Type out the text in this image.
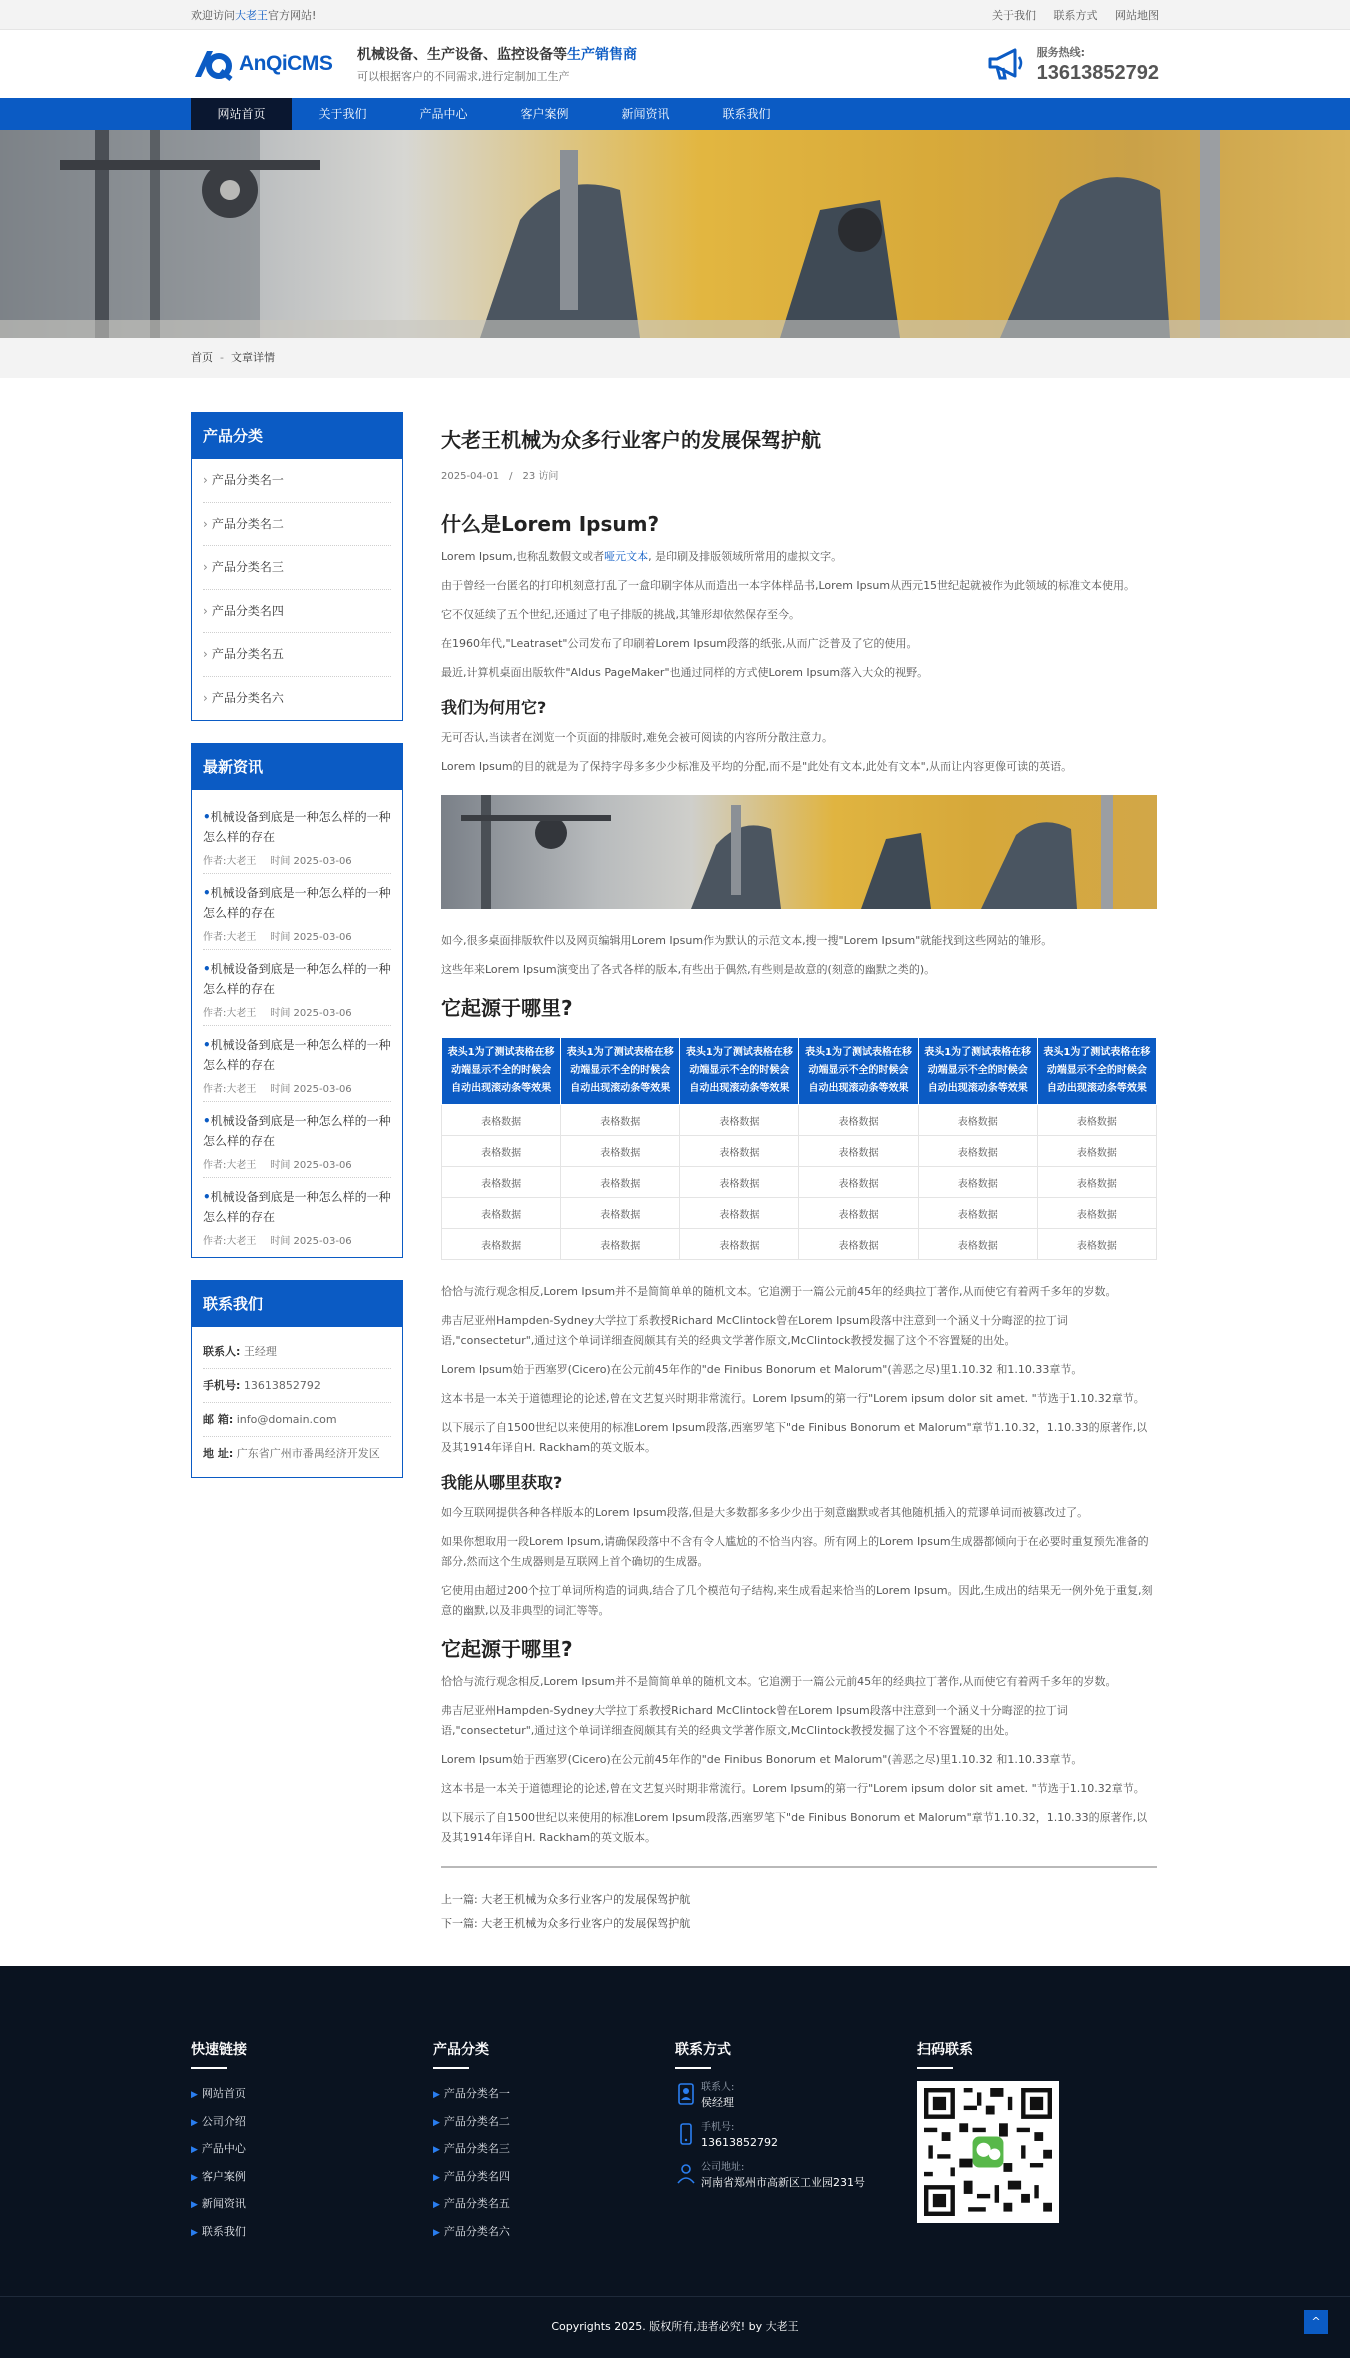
欢迎访问大老王官方网站!	关于我们 联系方式 网站地图
AnQiCMS 机械设备、生产设备、监控设备等生产销售商
可以根据客户的不同需求,进行定制加工生产
服务热线:
13613852792
网站首页	关于我们	产品中心	客户案例	新闻资讯	联系我们
首页 - 文章详情
产品分类
› 产品分类名一
› 产品分类名二
› 产品分类名三
› 产品分类名四
› 产品分类名五
› 产品分类名六
最新资讯
•机械设备到底是一种怎么样的一种怎么样的存在
作者:大老王 时间 2025-03-06
•机械设备到底是一种怎么样的一种怎么样的存在
作者:大老王 时间 2025-03-06
•机械设备到底是一种怎么样的一种怎么样的存在
作者:大老王 时间 2025-03-06
•机械设备到底是一种怎么样的一种怎么样的存在
作者:大老王 时间 2025-03-06
•机械设备到底是一种怎么样的一种怎么样的存在
作者:大老王 时间 2025-03-06
•机械设备到底是一种怎么样的一种怎么样的存在
作者:大老王 时间 2025-03-06
联系我们
联系人: 王经理
手机号: 13613852792
邮 箱: info@domain.com
地 址: 广东省广州市番禺经济开发区
大老王机械为众多行业客户的发展保驾护航
2025-04-01 / 23 访问
什么是Lorem Ipsum?

Lorem Ipsum,也称乱数假文或者哑元文本, 是印刷及排版领域所常用的虚拟文字。

由于曾经一台匿名的打印机刻意打乱了一盒印刷字体从而造出一本字体样品书,Lorem Ipsum从西元15世纪起就被作为此领域的标准文本使用。

它不仅延续了五个世纪,还通过了电子排版的挑战,其雏形却依然保存至今。

在1960年代,"Leatraset"公司发布了印刷着Lorem Ipsum段落的纸张,从而广泛普及了它的使用。

最近,计算机桌面出版软件"Aldus PageMaker"也通过同样的方式使Lorem Ipsum落入大众的视野。

我们为何用它?

无可否认,当读者在浏览一个页面的排版时,难免会被可阅读的内容所分散注意力。

Lorem Ipsum的目的就是为了保持字母多多少少标准及平均的分配,而不是"此处有文本,此处有文本",从而让内容更像可读的英语。

如今,很多桌面排版软件以及网页编辑用Lorem Ipsum作为默认的示范文本,搜一搜"Lorem Ipsum"就能找到这些网站的雏形。

这些年来Lorem Ipsum演变出了各式各样的版本,有些出于偶然,有些则是故意的(刻意的幽默之类的)。

它起源于哪里?
表头1为了测试表格在移动端显示不全的时候会自动出现滚动条等效果	表头1为了测试表格在移动端显示不全的时候会自动出现滚动条等效果	表头1为了测试表格在移动端显示不全的时候会自动出现滚动条等效果	表头1为了测试表格在移动端显示不全的时候会自动出现滚动条等效果	表头1为了测试表格在移动端显示不全的时候会自动出现滚动条等效果	表头1为了测试表格在移动端显示不全的时候会自动出现滚动条等效果
表格数据	表格数据	表格数据	表格数据	表格数据	表格数据
表格数据	表格数据	表格数据	表格数据	表格数据	表格数据
表格数据	表格数据	表格数据	表格数据	表格数据	表格数据
表格数据	表格数据	表格数据	表格数据	表格数据	表格数据
表格数据	表格数据	表格数据	表格数据	表格数据	表格数据

恰恰与流行观念相反,Lorem Ipsum并不是简简单单的随机文本。它追溯于一篇公元前45年的经典拉丁著作,从而使它有着两千多年的岁数。

弗吉尼亚州Hampden-Sydney大学拉丁系教授Richard McClintock曾在Lorem Ipsum段落中注意到一个涵义十分晦涩的拉丁词语,"consectetur",通过这个单词详细查阅颇其有关的经典文学著作原文,McClintock教授发掘了这个不容置疑的出处。

Lorem Ipsum始于西塞罗(Cicero)在公元前45年作的"de Finibus Bonorum et Malorum"(善恶之尽)里1.10.32 和1.10.33章节。

这本书是一本关于道德理论的论述,曾在文艺复兴时期非常流行。Lorem Ipsum的第一行"Lorem ipsum dolor sit amet. "节选于1.10.32章节。

以下展示了自1500世纪以来使用的标准Lorem Ipsum段落,西塞罗笔下"de Finibus Bonorum et Malorum"章节1.10.32，1.10.33的原著作,以及其1914年译自H. Rackham的英文版本。

我能从哪里获取?

如今互联网提供各种各样版本的Lorem Ipsum段落,但是大多数都多多少少出于刻意幽默或者其他随机插入的荒谬单词而被篡改过了。

如果你想取用一段Lorem Ipsum,请确保段落中不含有令人尴尬的不恰当内容。所有网上的Lorem Ipsum生成器都倾向于在必要时重复预先准备的部分,然而这个生成器则是互联网上首个确切的生成器。

它使用由超过200个拉丁单词所构造的词典,结合了几个模范句子结构,来生成看起来恰当的Lorem Ipsum。因此,生成出的结果无一例外免于重复,刻意的幽默,以及非典型的词汇等等。

它起源于哪里?

恰恰与流行观念相反,Lorem Ipsum并不是简简单单的随机文本。它追溯于一篇公元前45年的经典拉丁著作,从而使它有着两千多年的岁数。

弗吉尼亚州Hampden-Sydney大学拉丁系教授Richard McClintock曾在Lorem Ipsum段落中注意到一个涵义十分晦涩的拉丁词语,"consectetur",通过这个单词详细查阅颇其有关的经典文学著作原文,McClintock教授发掘了这个不容置疑的出处。

Lorem Ipsum始于西塞罗(Cicero)在公元前45年作的"de Finibus Bonorum et Malorum"(善恶之尽)里1.10.32 和1.10.33章节。

这本书是一本关于道德理论的论述,曾在文艺复兴时期非常流行。Lorem Ipsum的第一行"Lorem ipsum dolor sit amet. "节选于1.10.32章节。

以下展示了自1500世纪以来使用的标准Lorem Ipsum段落,西塞罗笔下"de Finibus Bonorum et Malorum"章节1.10.32，1.10.33的原著作,以及其1914年译自H. Rackham的英文版本。

上一篇: 大老王机械为众多行业客户的发展保驾护航
下一篇: 大老王机械为众多行业客户的发展保驾护航
快速链接
▶ 网站首页
▶ 公司介绍
▶ 产品中心
▶ 客户案例
▶ 新闻资讯
▶ 联系我们
产品分类
▶ 产品分类名一
▶ 产品分类名二
▶ 产品分类名三
▶ 产品分类名四
▶ 产品分类名五
▶ 产品分类名六
联系方式
联系人:
侯经理
手机号:
13613852792
公司地址:
河南省郑州市高新区工业园231号
扫码联系
Copyrights 2025. 版权所有,违者必究! by 大老王	^
